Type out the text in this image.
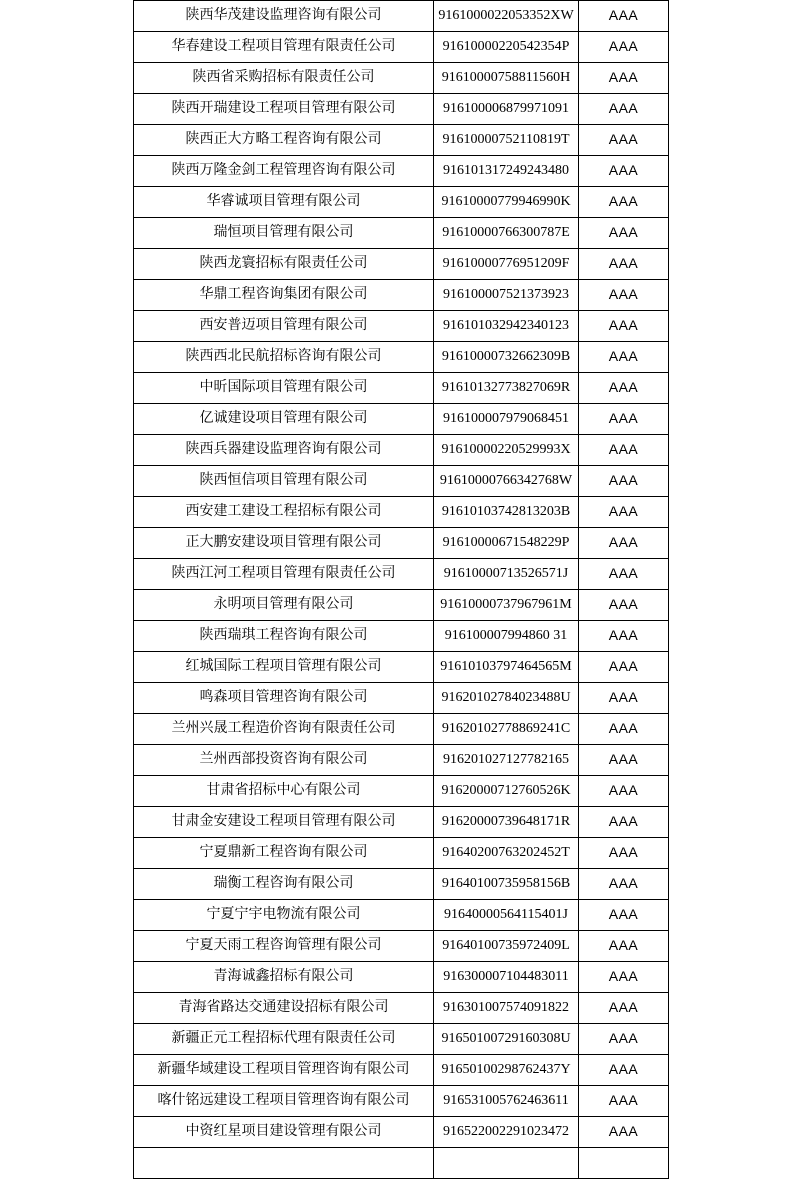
陕西华茂建设监理咨询有限公司	9161000022053352XW	AAA
华春建设工程项目管理有限责任公司	91610000220542354P	AAA
陕西省采购招标有限责任公司	91610000758811560H	AAA
陕西开瑞建设工程项目管理有限公司	916100006879971091	AAA
陕西正大方略工程咨询有限公司	91610000752110819T	AAA
陕西万隆金剑工程管理咨询有限公司	916101317249243480	AAA
华睿诚项目管理有限公司	91610000779946990K	AAA
瑞恒项目管理有限公司	91610000766300787E	AAA
陕西龙寰招标有限责任公司	91610000776951209F	AAA
华鼎工程咨询集团有限公司	916100007521373923	AAA
西安普迈项目管理有限公司	916101032942340123	AAA
陕西西北民航招标咨询有限公司	91610000732662309B	AAA
中昕国际项目管理有限公司	91610132773827069R	AAA
亿诚建设项目管理有限公司	916100007979068451	AAA
陕西兵器建设监理咨询有限公司	91610000220529993X	AAA
陕西恒信项目管理有限公司	91610000766342768W	AAA
西安建工建设工程招标有限公司	91610103742813203B	AAA
正大鹏安建设项目管理有限公司	91610000671548229P	AAA
陕西江河工程项目管理有限责任公司	91610000713526571J	AAA
永明项目管理有限公司	91610000737967961M	AAA
陕西瑞琪工程咨询有限公司	916100007994860 31	AAA
红城国际工程项目管理有限公司	91610103797464565M	AAA
鸣森项目管理咨询有限公司	91620102784023488U	AAA
兰州兴晟工程造价咨询有限责任公司	91620102778869241C	AAA
兰州西部投资咨询有限公司	916201027127782165	AAA
甘肃省招标中心有限公司	91620000712760526K	AAA
甘肃金安建设工程项目管理有限公司	91620000739648171R	AAA
宁夏鼎新工程咨询有限公司	91640200763202452T	AAA
瑞衡工程咨询有限公司	91640100735958156B	AAA
宁夏宁宇电物流有限公司	91640000564115401J	AAA
宁夏天雨工程咨询管理有限公司	91640100735972409L	AAA
青海诚鑫招标有限公司	916300007104483011	AAA
青海省路达交通建设招标有限公司	916301007574091822	AAA
新疆正元工程招标代理有限责任公司	91650100729160308U	AAA
新疆华域建设工程项目管理咨询有限公司	91650100298762437Y	AAA
喀什铭远建设工程项目管理咨询有限公司	916531005762463611	AAA
中资红星项目建设管理有限公司	916522002291023472	AAA
